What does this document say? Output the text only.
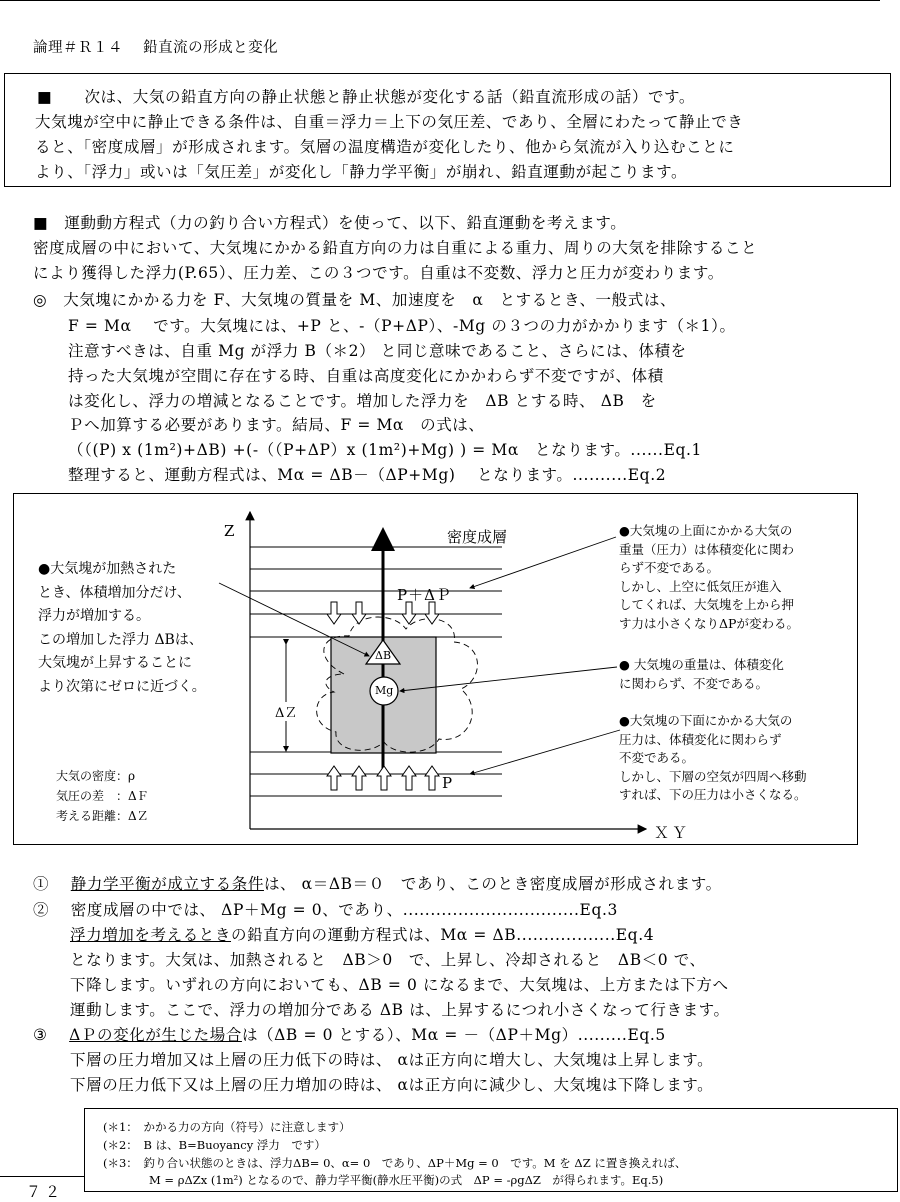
論理＃Ｒ１４　 鉛直流の形成と変化
■　　次は、大気の鉛直方向の静止状態と静止状態が変化する話（鉛直流形成の話）です。
大気塊が空中に静止できる条件は、自重＝浮力＝上下の気圧差、であり、全層にわたって静止でき
ると、「密度成層」が形成されます。気層の温度構造が変化したり、他から気流が入り込むことに
より、「浮力」或いは「気圧差」が変化し「静力学平衡」が崩れ、鉛直運動が起こります。
■　運動動方程式（力の釣り合い方程式）を使って、以下、鉛直運動を考えます。
密度成層の中において、大気塊にかかる鉛直方向の力は自重による重力、周りの大気を排除すること
により獲得した浮力(P.65）、圧力差、この３つです。自重は不変数、浮力と圧力が変わります。
◎　大気塊にかかる力を F、大気塊の質量を M、加速度を　α　とするとき、一般式は、
F = Mα　 です。大気塊には、+P と、-（P+ΔP）、-Mg の３つの力がかかります（＊1）。
注意すべきは、自重 Mg が浮力 B（＊2） と同じ意味であること、さらには、体積を
持った大気塊が空間に存在する時、自重は高度変化にかかわらず不変ですが、体積
は変化し、浮力の増減となることです。増加した浮力を　ΔB とする時、 ΔB　を
Ｐへ加算する必要があります。結局、F = Mα　の式は、
（（(P) x (1m²)+ΔB) +(-（（P+ΔP）x (1m²)+Mg) ) = Mα　となります。......Eq.1
整理すると、運動方程式は、Mα = ΔB－（ΔP+Mg)　 となります。..........Eq.2
Z
ＸＹ
密度成層
P＋ΔＰ
P
ΔB
Mg
ΔＺ
●大気塊が加熱された
とき、体積増加分だけ、
浮力が増加する。
この増加した浮力 ΔBは、
大気塊が上昇することに
より次第にゼロに近づく。
大気の密度：ρ
気圧の差　：ΔＦ
考える距離：ΔＺ
●大気塊の上面にかかる大気の
重量（圧力）は体積変化に関わ
らず不変である。
しかし、上空に低気圧が進入
してくれば、大気塊を上から押
す力は小さくなりΔPが変わる。
● 大気塊の重量は、体積変化
に関わらず、不変である。
●大気塊の下面にかかる大気の
圧力は、体積変化に関わらず
不変である。
しかし、下層の空気が四周へ移動
すれば、下の圧力は小さくなる。
①　 静力学平衡が成立する条件は、 α＝ΔB＝０　であり、このとき密度成層が形成されます。
②　 密度成層の中では、 ΔP＋Mg = 0、であり、................................Eq.3
浮力増加を考えるときの鉛直方向の運動方程式は、Mα = ΔB..................Eq.4
となります。大気は、加熱されると　ΔB＞0　で、上昇し、冷却されると　ΔB＜0 で、
下降します。いずれの方向においても、ΔB = 0 になるまで、大気塊は、上方または下方へ
運動します。ここで、浮力の増加分である ΔB は、上昇するにつれ小さくなって行きます。
③　 ΔＰの変化が生じた場合は（ΔB = 0 とする）、Mα = －（ΔP＋Mg）.........Eq.5
下層の圧力増加又は上層の圧力低下の時は、 αは正方向に増大し、大気塊は上昇します。
下層の圧力低下又は上層の圧力増加の時は、 αは正方向に減少し、大気塊は下降します。
(＊1：　かかる力の方向（符号）に注意します）
(＊2：　B は、B=Buoyancy 浮力　です）
(＊3：　釣り合い状態のときは、浮力ΔB= 0、α= 0　であり、ΔP＋Mg = 0　です。M を ΔZ に置き換えれば、
　　　　M = ρΔZx (1m²) となるので、静力学平衡(静水圧平衡)の式　ΔP = -ρgΔZ　が得られます。Eq.5)
７２
